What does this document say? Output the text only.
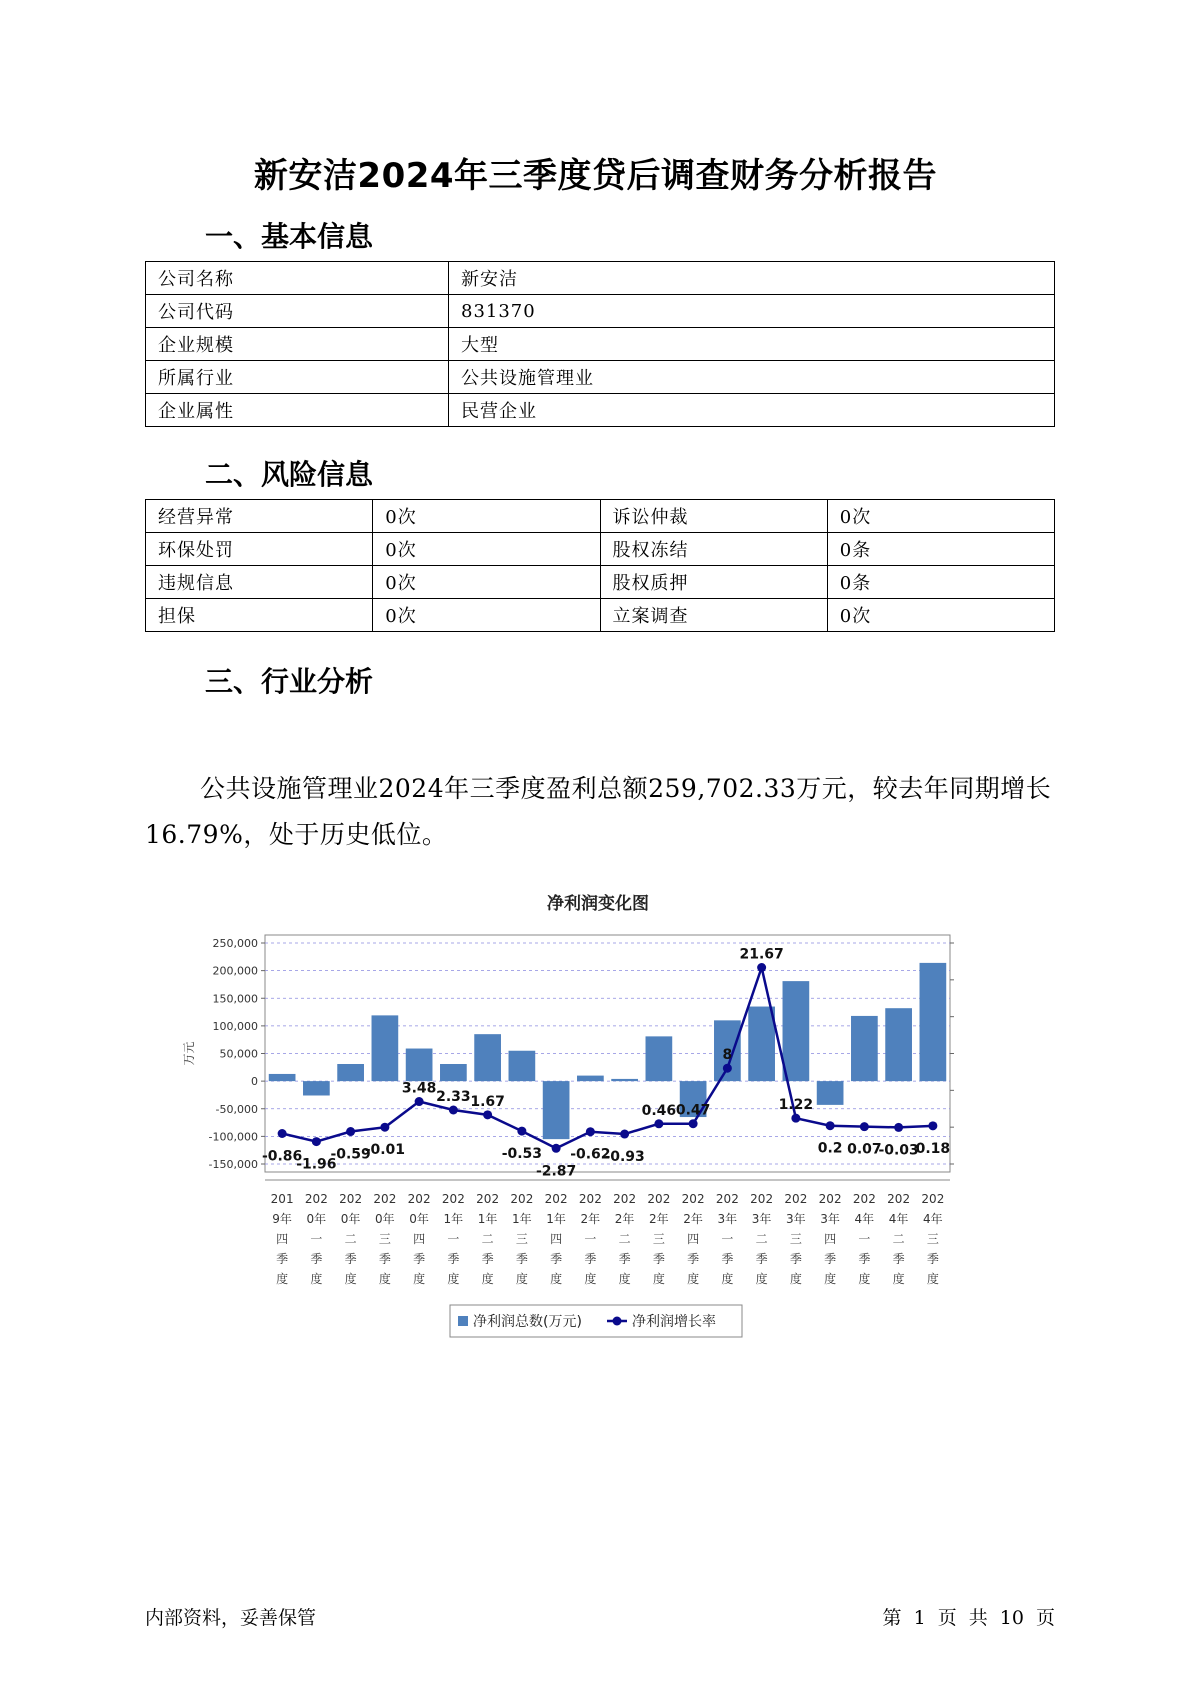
新安洁2024年三季度贷后调查财务分析报告
一、基本信息
公司名称	新安洁
公司代码	831370
企业规模	大型
所属行业	公共设施管理业
企业属性	民营企业
二、风险信息
经营异常	0次	诉讼仲裁	0次
环保处罚	0次	股权冻结	0条
违规信息	0次	股权质押	0条
担保	0次	立案调查	0次
三、行业分析
公共设施管理业2024年三季度盈利总额259,702.33万元，较去年同期增长16.79%，处于历史低位。
净利润变化图
250,000
200,000
150,000
100,000
50,000
0
-50,000
-100,000
-150,000
万元
-0.86
-1.96
-0.59
-0.01
3.48
2.33 1.67
-0.53
-2.87
-0.62
-0.93
0.46 0.47
8
21.67
1.22
0.2 0.07
-0.03
0.18
201
9年
四
季
度
202
0年
一
季
度
202
0年
二
季
度
202
0年
三
季
度
202
0年
四
季
度
202
1年
一
季
度
202
1年
二
季
度
202
1年
三
季
度
202
1年
四
季
度
202
2年
一
季
度
202
2年
二
季
度
202
2年
三
季
度
202
2年
四
季
度
202
3年
一
季
度
202
3年
二
季
度
202
3年
三
季
度
202
3年
四
季
度
202
4年
一
季
度
202
4年
二
季
度
202
4年
三
季
度
净利润总数(万元)	净利润增长率
内部资料，妥善保管	第 1 页 共 10 页
